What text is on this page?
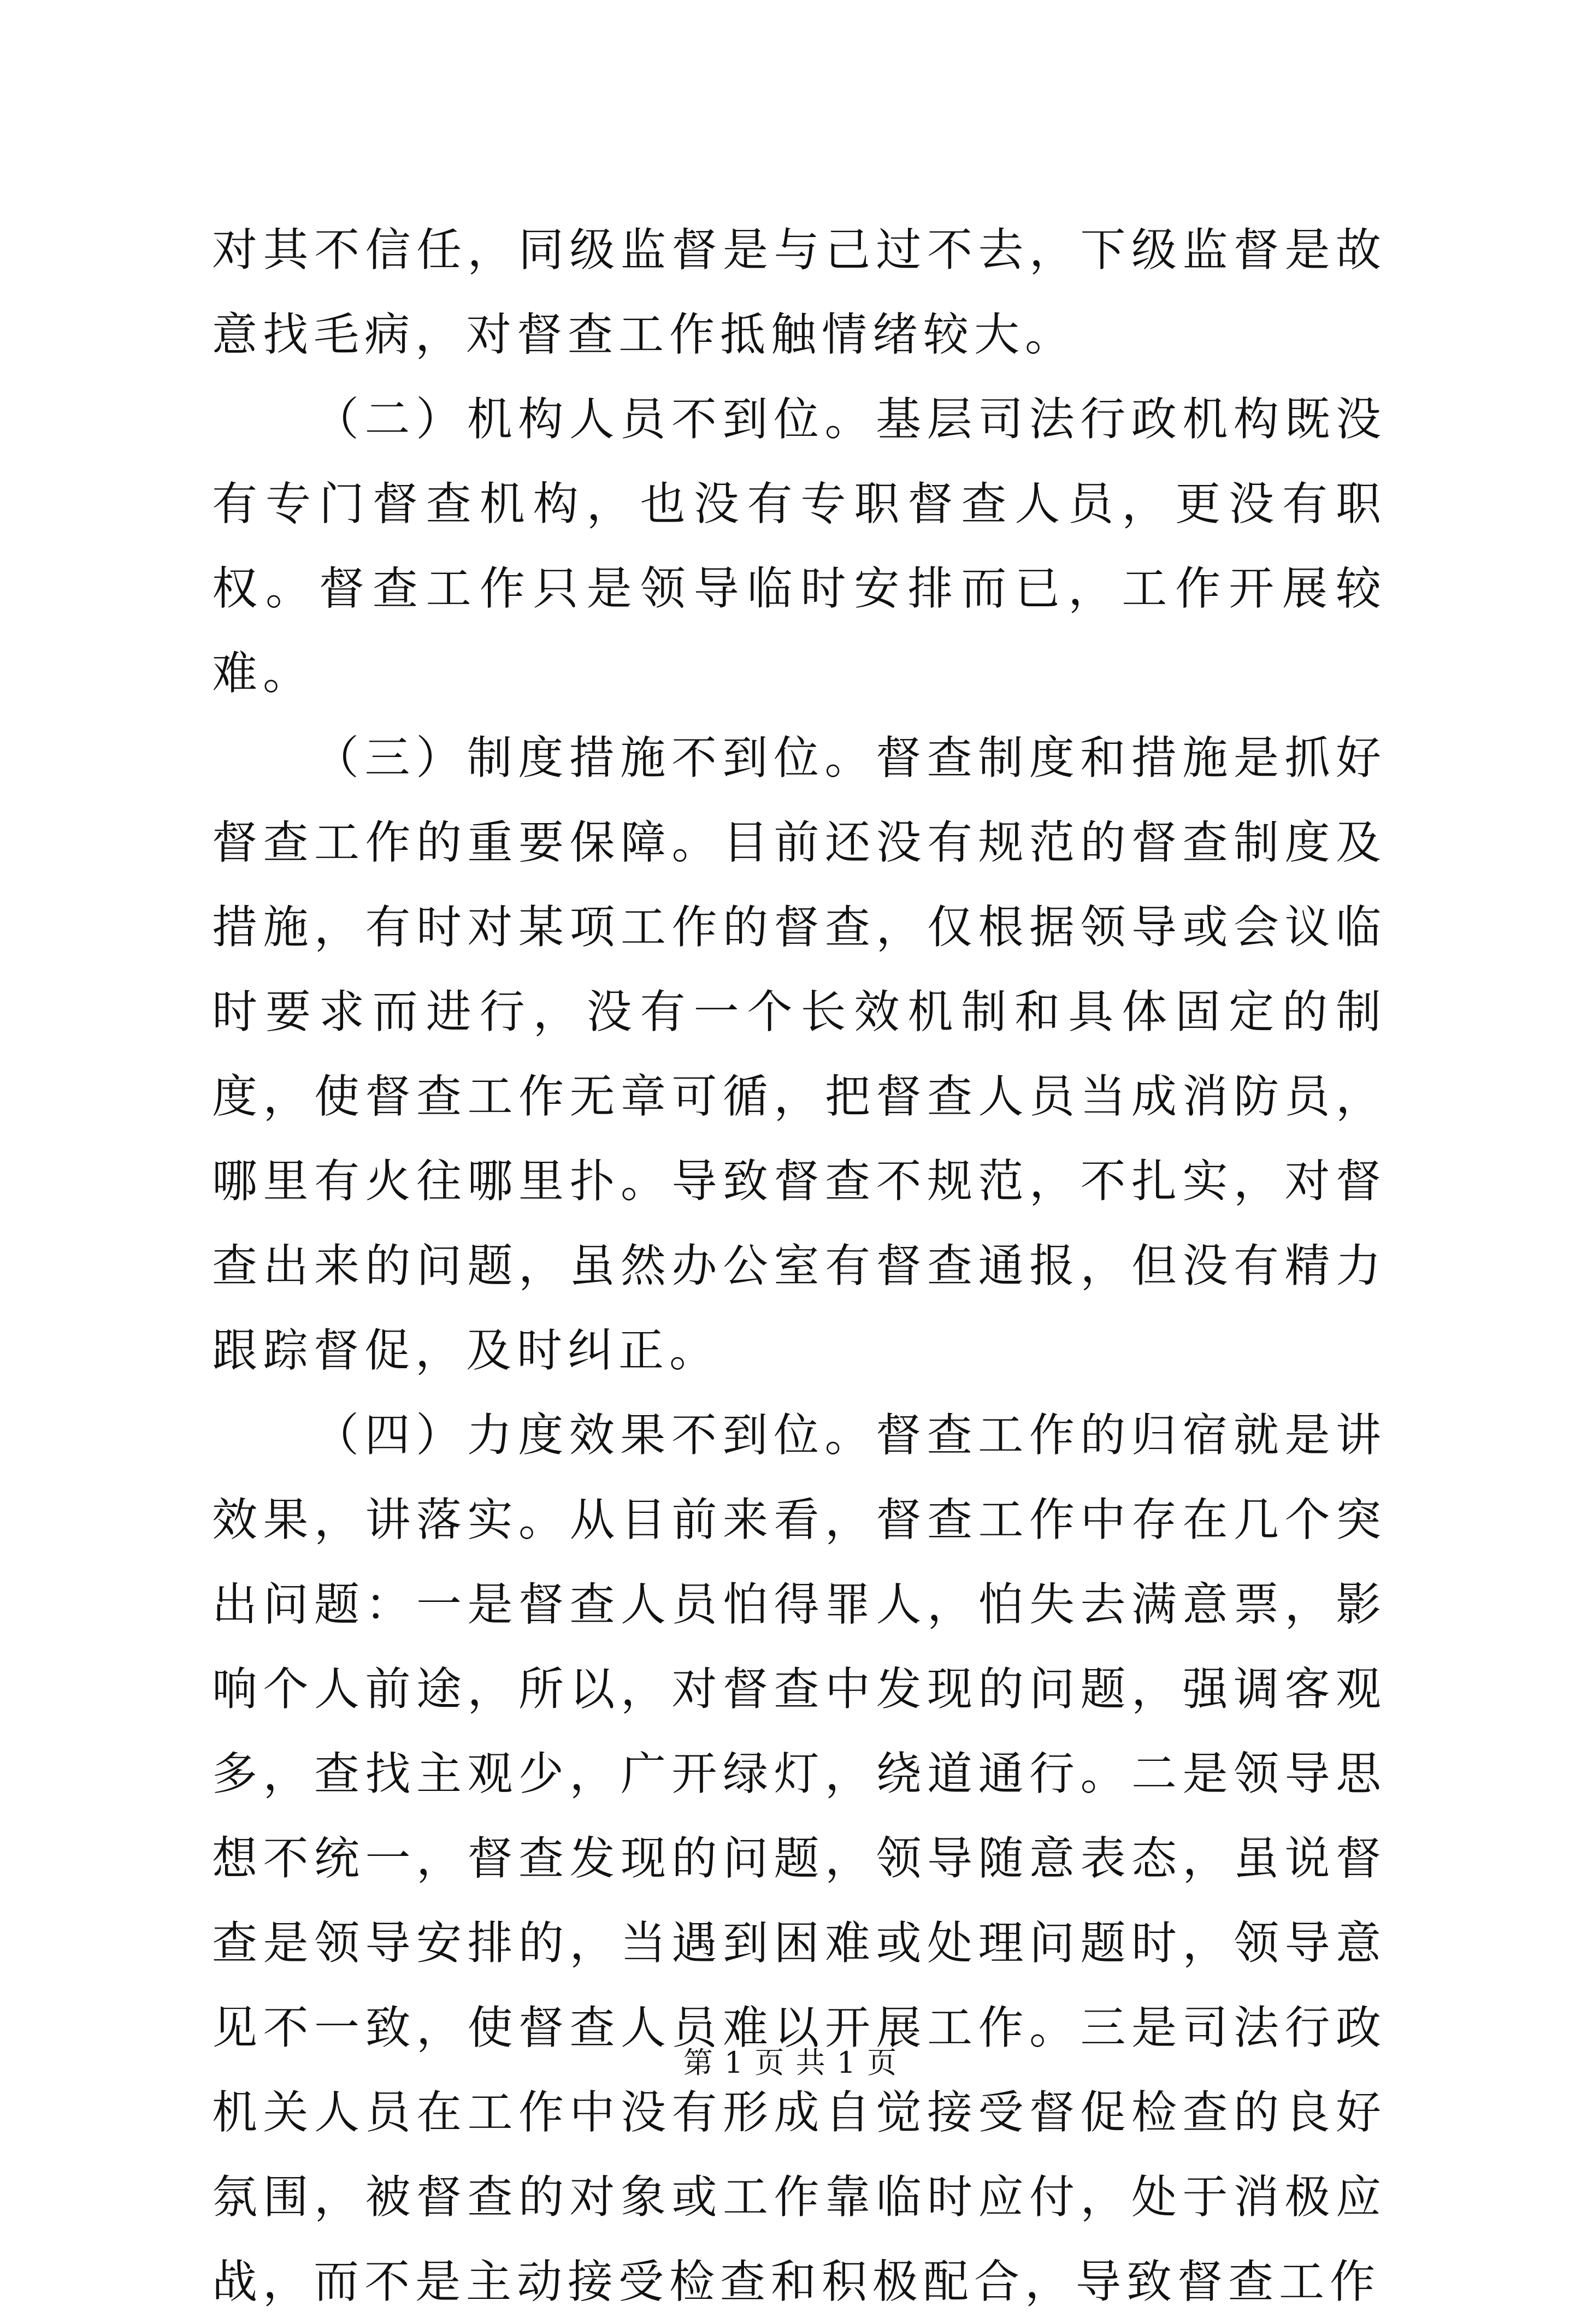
对其不信任，同级监督是与己过不去，下级监督是故意找毛病，对督查工作抵触情绪较大。

（二）机构人员不到位。基层司法行政机构既没有专门督查机构，也没有专职督查人员，更没有职权。督查工作只是领导临时安排而已，工作开展较难。

（三）制度措施不到位。督查制度和措施是抓好督查工作的重要保障。目前还没有规范的督查制度及措施，有时对某项工作的督查，仅根据领导或会议临时要求而进行，没有一个长效机制和具体固定的制度，使督查工作无章可循，把督查人员当成消防员，哪里有火往哪里扑。导致督查不规范，不扎实，对督查出来的问题，虽然办公室有督查通报，但没有精力跟踪督促，及时纠正。

（四）力度效果不到位。督查工作的归宿就是讲效果，讲落实。从目前来看，督查工作中存在几个突出问题：一是督查人员怕得罪人，怕失去满意票，影响个人前途，所以，对督查中发现的问题，强调客观多，查找主观少，广开绿灯，绕道通行。二是领导思想不统一，督查发现的问题，领导随意表态，虽说督查是领导安排的，当遇到困难或处理问题时，领导意见不一致，使督查人员难以开展工作。三是司法行政机关人员在工作中没有形成自觉接受督促检查的良好氛围，被督查的对象或工作靠临时应付，处于消极应战，而不是主动接受检查和积极配合，导致督查工作

第 1 页 共 1 页
